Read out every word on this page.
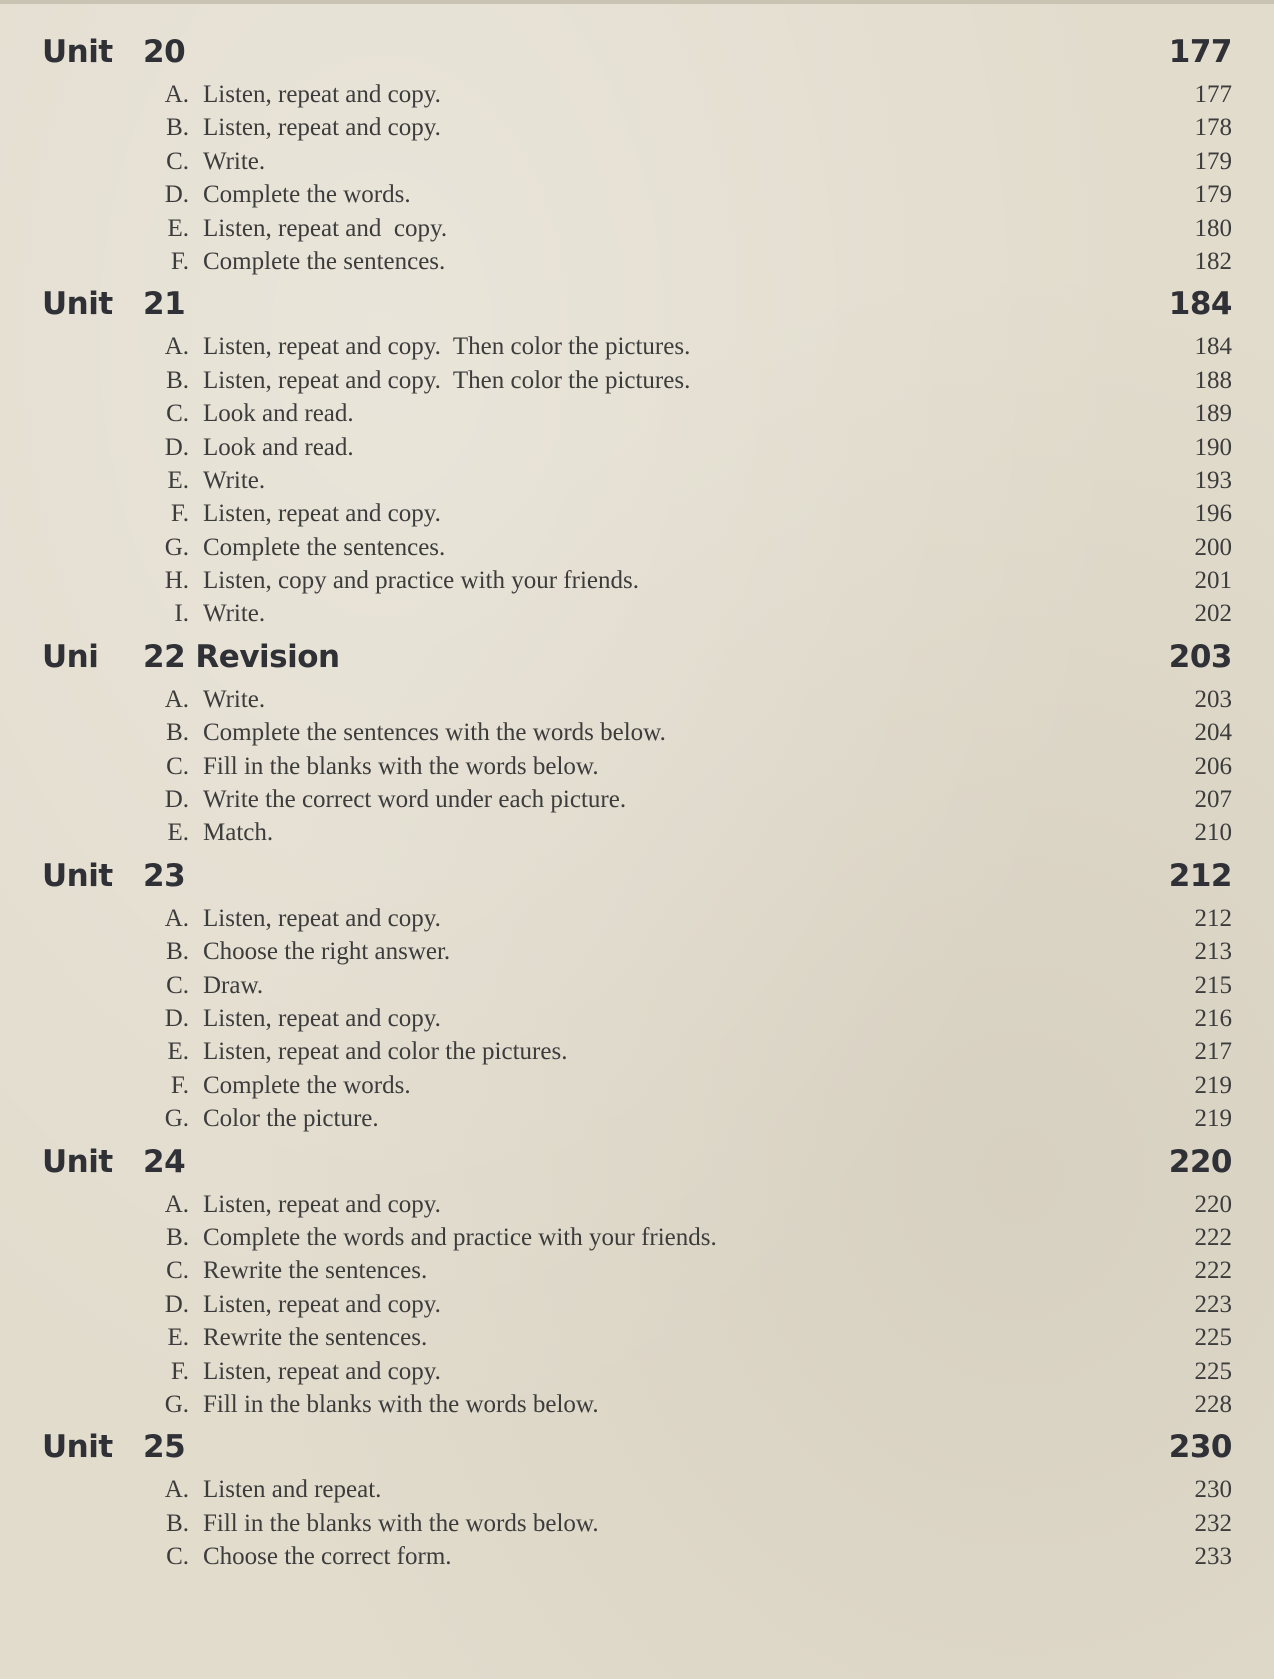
Unit 20	177
A. Listen, repeat and copy.	177
B. Listen, repeat and copy.	178
C. Write.	179
D. Complete the words.	179
E. Listen, repeat and  copy.	180
F. Complete the sentences.	182
Unit 21	184
A. Listen, repeat and copy.  Then color the pictures.	184
B. Listen, repeat and copy.  Then color the pictures.	188
C. Look and read.	189
D. Look and read.	190
E. Write.	193
F. Listen, repeat and copy.	196
G. Complete the sentences.	200
H. Listen, copy and practice with your friends.	201
I. Write.	202
Uni 22 Revision	203
A. Write.	203
B. Complete the sentences with the words below.	204
C. Fill in the blanks with the words below.	206
D. Write the correct word under each picture.	207
E. Match.	210
Unit 23	212
A. Listen, repeat and copy.	212
B. Choose the right answer.	213
C. Draw.	215
D. Listen, repeat and copy.	216
E. Listen, repeat and color the pictures.	217
F. Complete the words.	219
G. Color the picture.	219
Unit 24	220
A. Listen, repeat and copy.	220
B. Complete the words and practice with your friends.	222
C. Rewrite the sentences.	222
D. Listen, repeat and copy.	223
E. Rewrite the sentences.	225
F. Listen, repeat and copy.	225
G. Fill in the blanks with the words below.	228
Unit 25	230
A. Listen and repeat.	230
B. Fill in the blanks with the words below.	232
C. Choose the correct form.	233
